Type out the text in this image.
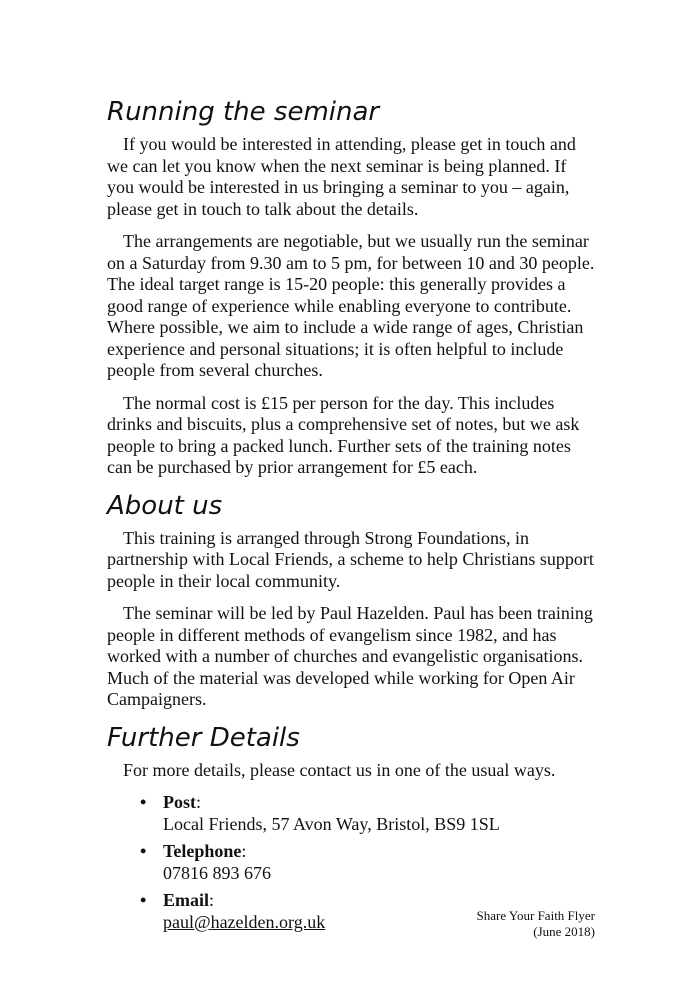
Running the seminar

If you would be interested in attending, please get in touch and we can let you know when the next seminar is being planned. If you would be interested in us bringing a seminar to you – again, please get in touch to talk about the details.

The arrangements are negotiable, but we usually run the seminar on a Saturday from 9.30 am to 5 pm, for between 10 and 30 people. The ideal target range is 15-20 people: this generally provides a good range of experience while enabling everyone to contribute. Where possible, we aim to include a wide range of ages, Christian experience and personal situations; it is often helpful to include people from several churches.

The normal cost is £15 per person for the day. This includes drinks and biscuits, plus a comprehensive set of notes, but we ask people to bring a packed lunch. Further sets of the training notes can be purchased by prior arrangement for £5 each.

About us

This training is arranged through Strong Foundations, in partnership with Local Friends, a scheme to help Christians support people in their local community.

The seminar will be led by Paul Hazelden. Paul has been training people in different methods of evangelism since 1982, and has worked with a number of churches and evangelistic organisations. Much of the material was developed while working for Open Air Campaigners.

Further Details

For more details, please contact us in one of the usual ways.

• Post:
Local Friends, 57 Avon Way, Bristol, BS9 1SL
• Telephone:
07816 893 676
• Email:
paul@hazelden.org.uk	Share Your Faith Flyer
(June 2018)
